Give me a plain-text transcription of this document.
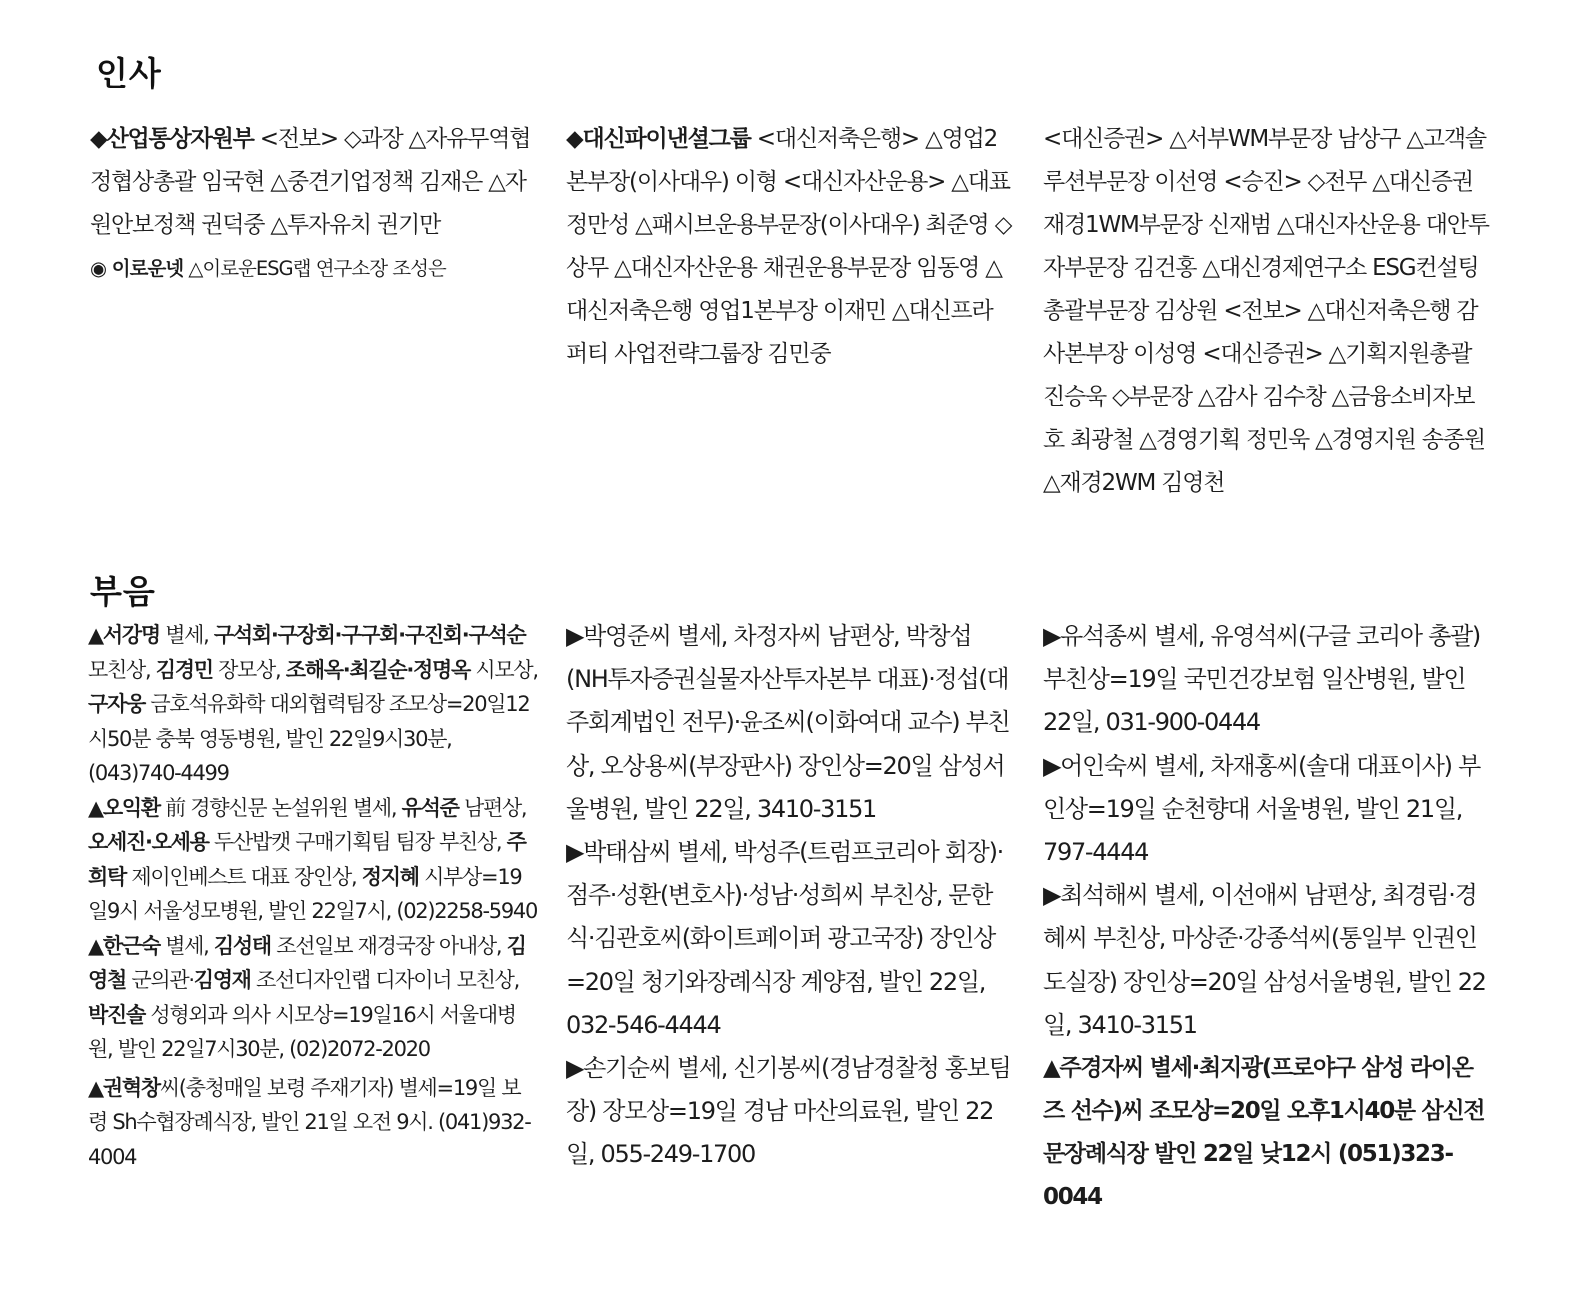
인사

◆산업통상자원부 <전보> ◇과장 △자유무역협정협상총괄 임국현 △중견기업정책 김재은 △자원안보정책 권덕중 △투자유치 권기만

◉ 이로운넷 △이로운ESG랩 연구소장 조성은

◆대신파이낸셜그룹 <대신저축은행> △영업2본부장(이사대우) 이형 <대신자산운용> △대표 정만성 △패시브운용부문장(이사대우) 최준영 ◇상무 △대신자산운용 채권운용부문장 임동영 △대신저축은행 영업1본부장 이재민 △대신프라퍼티 사업전략그룹장 김민중

<대신증권> △서부WM부문장 남상구 △고객솔루션부문장 이선영 <승진> ◇전무 △대신증권 재경1WM부문장 신재범 △대신자산운용 대안투자부문장 김건홍 △대신경제연구소 ESG컨설팅총괄부문장 김상원 <전보> △대신저축은행 감사본부장 이성영 <대신증권> △기획지원총괄 진승욱 ◇부문장 △감사 김수창 △금융소비자보호 최광철 △경영기획 정민욱 △경영지원 송종원 △재경2WM 김영천

부음

▲서강명 별세, 구석회·구장회·구구회·구진회·구석순 모친상, 김경민 장모상, 조해옥·최길순·정명옥 시모상, 구자웅 금호석유화학 대외협력팀장 조모상=20일12시50분 충북 영동병원, 발인 22일9시30분, (043)740-4499

▲오익환 前 경향신문 논설위원 별세, 유석준 남편상, 오세진·오세용 두산밥캣 구매기획팀 팀장 부친상, 주희탁 제이인베스트 대표 장인상, 정지혜 시부상=19일9시 서울성모병원, 발인 22일7시, (02)2258-5940

▲한근숙 별세, 김성태 조선일보 재경국장 아내상, 김영철 군의관·김영재 조선디자인랩 디자이너 모친상, 박진솔 성형외과 의사 시모상=19일16시 서울대병원, 발인 22일7시30분, (02)2072-2020

▲권혁창씨(충청매일 보령 주재기자) 별세=19일 보령 Sh수협장례식장, 발인 21일 오전 9시. (041)932-4004

▶박영준씨 별세, 차정자씨 남편상, 박창섭(NH투자증권실물자산투자본부 대표)·정섭(대주회계법인 전무)·윤조씨(이화여대 교수) 부친상, 오상용씨(부장판사) 장인상=20일 삼성서울병원, 발인 22일, 3410-3151

▶박태삼씨 별세, 박성주(트럼프코리아 회장)·점주·성환(변호사)·성남·성희씨 부친상, 문한식·김관호씨(화이트페이퍼 광고국장) 장인상=20일 청기와장례식장 계양점, 발인 22일, 032-546-4444

▶손기순씨 별세, 신기봉씨(경남경찰청 홍보팀장) 장모상=19일 경남 마산의료원, 발인 22일, 055-249-1700

▶유석종씨 별세, 유영석씨(구글 코리아 총괄) 부친상=19일 국민건강보험 일산병원, 발인 22일, 031-900-0444

▶어인숙씨 별세, 차재홍씨(솔대 대표이사) 부인상=19일 순천향대 서울병원, 발인 21일, 797-4444

▶최석해씨 별세, 이선애씨 남편상, 최경림·경혜씨 부친상, 마상준·강종석씨(통일부 인권인도실장) 장인상=20일 삼성서울병원, 발인 22일, 3410-3151

▲주경자씨 별세·최지광(프로야구 삼성 라이온즈 선수)씨 조모상=20일 오후1시40분 삼신전문장례식장 발인 22일 낮12시 (051)323-0044
